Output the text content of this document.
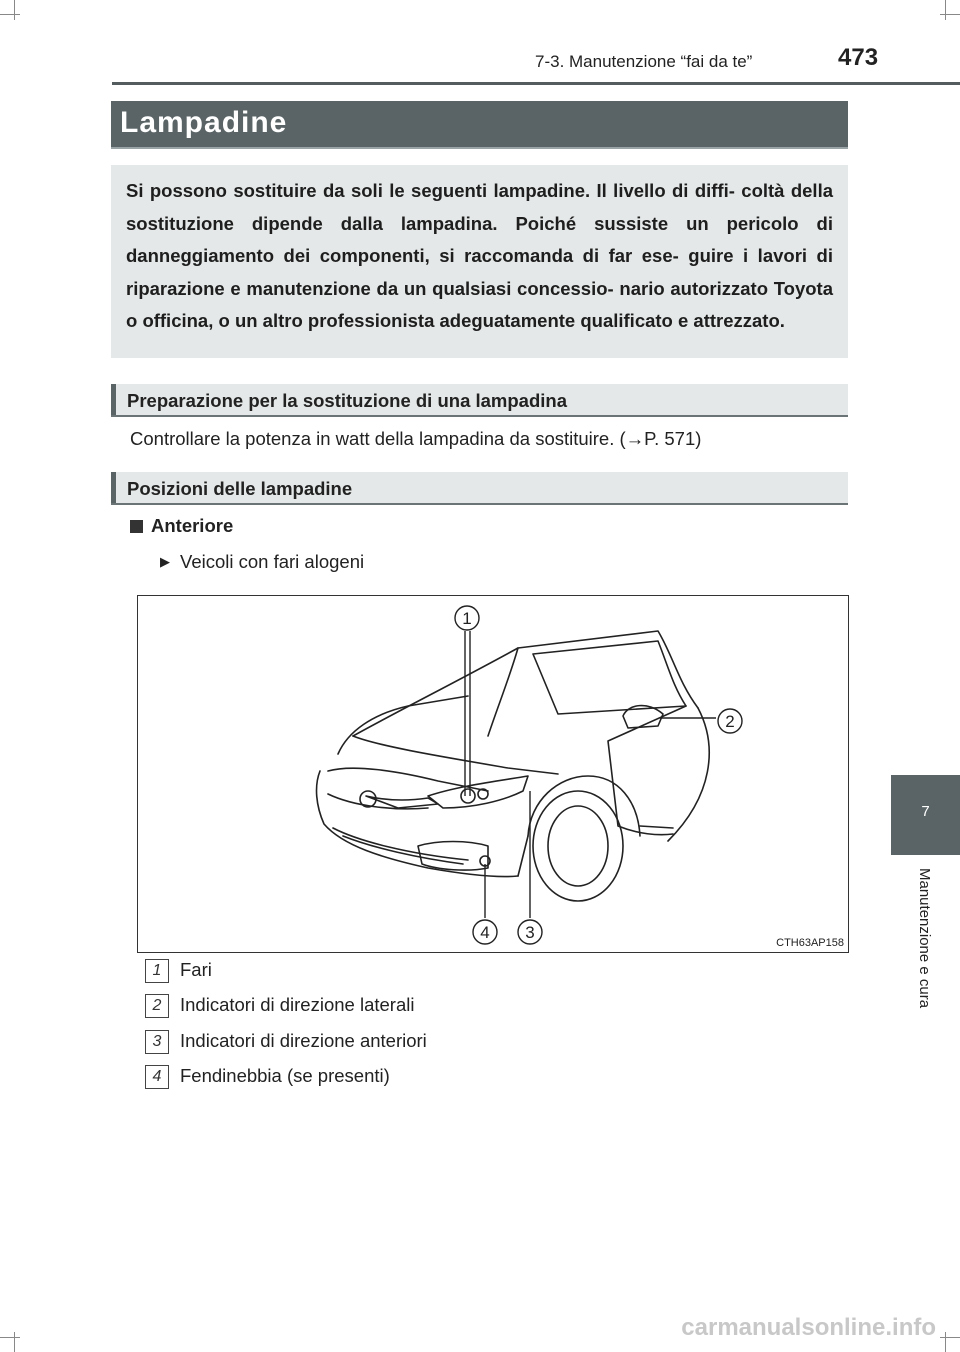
7-3. Manutenzione “fai da te”	473
7
Manutenzione e cura
Lampadine
Si possono sostituire da soli le seguenti lampadine. Il livello di diffi- coltà della sostituzione dipende dalla lampadina. Poiché sussiste un pericolo di danneggiamento dei componenti, si raccomanda di far ese- guire i lavori di riparazione e manutenzione da un qualsiasi concessio- nario autorizzato Toyota o officina, o un altro professionista adeguatamente qualificato e attrezzato.
Preparazione per la sostituzione di una lampadina
Controllare la potenza in watt della lampadina da sostituire. (→P. 571)
Posizioni delle lampadine
Anteriore
▶ Veicoli con fari alogeni
1
2
3
4
CTH63AP158
1	Fari
2	Indicatori di direzione laterali
3	Indicatori di direzione anteriori
4	Fendinebbia (se presenti)
carmanualsonline.info
